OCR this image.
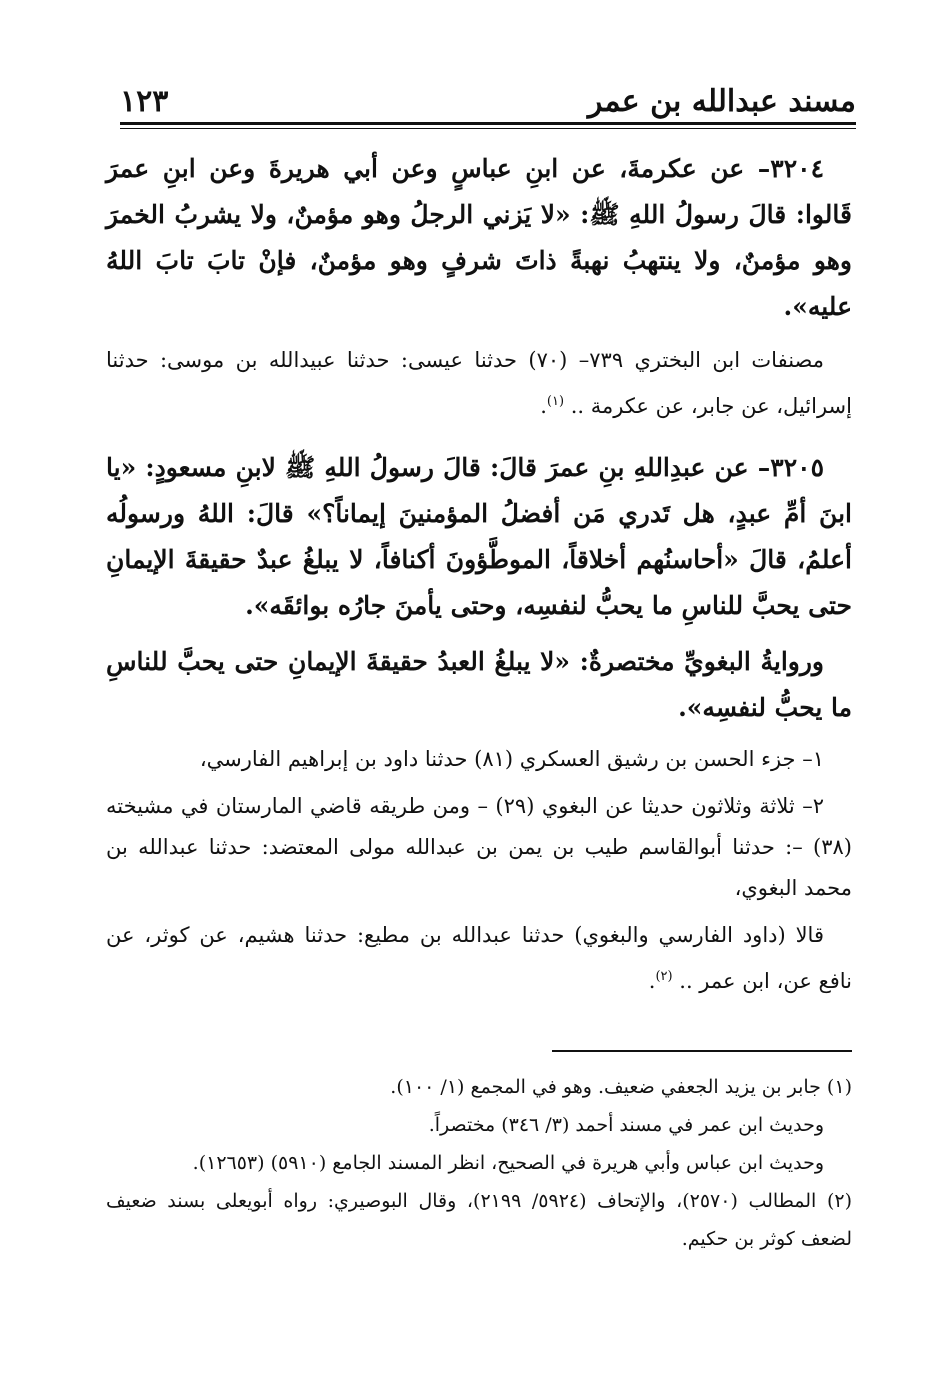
مسند عبدالله بن عمر
١٢٣

٣٢٠٤– عن عكرمةَ، عن ابنِ عباسٍ وعن أبي هريرةَ وعن ابنِ عمرَ قَالوا: قالَ رسولُ اللهِ ﷺ: «لا يَزني الرجلُ وهو مؤمنٌ، ولا يشربُ الخمرَ وهو مؤمنٌ، ولا ينتهبُ نهبةً ذاتَ شرفٍ وهو مؤمنٌ، فإنْ تابَ تابَ اللهُ عليه».

مصنفات ابن البختري ٧٣٩– (٧٠) حدثنا عيسى: حدثنا عبيدالله بن موسى: حدثنا إسرائيل، عن جابر، عن عكرمة .. $^{(١)}$.

٣٢٠٥– عن عبدِاللهِ بنِ عمرَ قالَ: قالَ رسولُ اللهِ ﷺ لابنِ مسعودٍ: «يا ابنَ أمِّ عبدٍ، هل تَدري مَن أفضلُ المؤمنينَ إيماناً؟» قالَ: اللهُ ورسولُه أعلمُ، قالَ «أحاسنُهم أخلاقاً، الموطَّؤونَ أكنافاً، لا يبلغُ عبدٌ حقيقةَ الإيمانِ حتى يحبَّ للناسِ ما يحبُّ لنفسِه، وحتى يأمنَ جارُه بوائقَه».

وروايةُ البغويِّ مختصرةٌ: «لا يبلغُ العبدُ حقيقةَ الإيمانِ حتى يحبَّ للناسِ ما يحبُّ لنفسِه».

١– جزء الحسن بن رشيق العسكري (٨١) حدثنا داود بن إبراهيم الفارسي،

٢– ثلاثة وثلاثون حديثا عن البغوي (٢٩) – ومن طريقه قاضي المارستان في مشيخته (٣٨) –: حدثنا أبوالقاسم طيب بن يمن بن عبدالله مولى المعتضد: حدثنا عبدالله بن محمد البغوي،

قالا (داود الفارسي والبغوي) حدثنا عبدالله بن مطيع: حدثنا هشيم، عن كوثر، عن نافع عن، ابن عمر .. $^{(٢)}$.

(١) جابر بن يزيد الجعفي ضعيف. وهو في المجمع (١/ ١٠٠).

وحديث ابن عمر في مسند أحمد (٣/ ٣٤٦) مختصراً.

وحديث ابن عباس وأبي هريرة في الصحيح، انظر المسند الجامع (٥٩١٠) (١٢٦٥٣).

(٢) المطالب (٢٥٧٠)، والإتحاف (٥٩٢٤/ ٢١٩٩)، وقال البوصيري: رواه أبويعلى بسند ضعيف لضعف كوثر بن حكيم.
